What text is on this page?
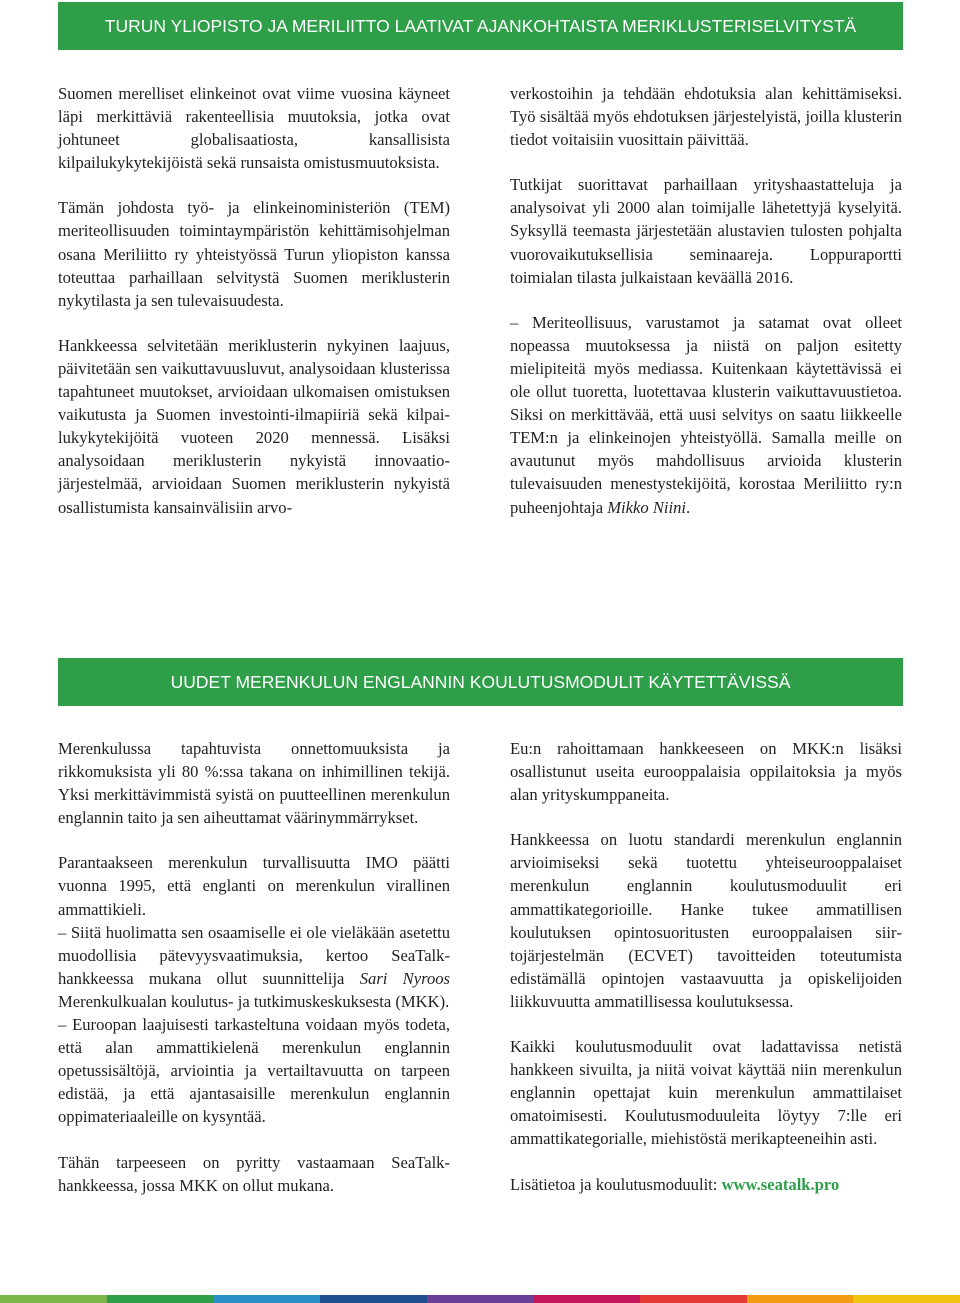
TURUN YLIOPISTO JA MERILIITTO LAATIVAT AJANKOHTAISTA MERIKLUSTERISELVITYSTÄ

Suomen merelliset elinkeinot ovat viime vuosina käyneet läpi merkittäviä rakenteellisia muutoksia, jotka ovat johtuneet globalisaatiosta, kansallisista kilpailukykytekijöistä sekä runsaista omistusmuutoksista.

Tämän johdosta työ- ja elinkeinoministeriön (TEM) meriteollisuuden toimintaympäristön kehittämisohjelman osana Meriliitto ry yhteistyössä Turun yliopiston kanssa toteuttaa parhaillaan selvitystä Suomen meriklusterin nykytilasta ja sen tulevaisuudesta.

Hankkeessa selvitetään meriklusterin nykyinen laajuus, päivitetään sen vaikuttavuusluvut, analysoidaan klusterissa tapahtuneet muutokset, arvioidaan ulkomaisen omistuksen vaikutusta ja Suomen investointi-ilmapiiriä sekä kilpailukykytekijöitä vuoteen 2020 mennessä. Lisäksi analysoidaan meriklusterin nykyistä innovaatiojärjestelmää, arvioidaan Suomen meriklusterin nykyistä osallistumista kansainvälisiin arvo-

verkostoihin ja tehdään ehdotuksia alan kehittämiseksi. Työ sisältää myös ehdotuksen järjestelyistä, joilla klusterin tiedot voitaisiin vuosittain päivittää.

Tutkijat suorittavat parhaillaan yrityshaastatteluja ja analysoivat yli 2000 alan toimijalle lähetettyjä kyselyitä. Syksyllä teemasta järjestetään alustavien tulosten pohjalta vuorovaikutuksellisia seminaareja. Loppuraportti toimialan tilasta julkaistaan keväällä 2016.

– Meriteollisuus, varustamot ja satamat ovat olleet nopeassa muutoksessa ja niistä on paljon esitetty mielipiteitä myös mediassa. Kuitenkaan käytettävissä ei ole ollut tuoretta, luotettavaa klusterin vaikuttavuustietoa. Siksi on merkittävää, että uusi selvitys on saatu liikkeelle TEM:n ja elinkeinojen yhteistyöllä. Samalla meille on avautunut myös mahdollisuus arvioida klusterin tulevaisuuden menestystekijöitä, korostaa Meriliitto ry:n puheenjohtaja Mikko Niini.

UUDET MERENKULUN ENGLANNIN KOULUTUSMODULIT KÄYTETTÄVISSÄ

Merenkulussa tapahtuvista onnettomuuksista ja rikkomuksista yli 80 %:ssa takana on inhimillinen tekijä. Yksi merkittävimmistä syistä on puutteellinen merenkulun englannin taito ja sen aiheuttamat väärinymmärrykset.

Parantaakseen merenkulun turvallisuutta IMO päätti vuonna 1995, että englanti on merenkulun virallinen ammattikieli.

– Siitä huolimatta sen osaamiselle ei ole vieläkään asetettu muodollisia pätevyysvaatimuksia, kertoo SeaTalk-hankkeessa mukana ollut suunnittelija Sari Nyroos Merenkulkualan koulutus- ja tutkimuskeskuksesta (MKK).

– Euroopan laajuisesti tarkasteltuna voidaan myös todeta, että alan ammattikielenä merenkulun englannin opetussisältöjä, arviointia ja vertailtavuutta on tarpeen edistää, ja että ajantasaisille merenkulun englannin oppimateriaaleille on kysyntää.

Tähän tarpeeseen on pyritty vastaamaan SeaTalk-hankkeessa, jossa MKK on ollut mukana.

Eu:n rahoittamaan hankkeeseen on MKK:n lisäksi osallistunut useita eurooppalaisia oppilaitoksia ja myös alan yrityskumppaneita.

Hankkeessa on luotu standardi merenkulun englannin arvioimiseksi sekä tuotettu yhteiseurooppalaiset merenkulun englannin koulutusmoduulit eri ammattikategorioille. Hanke tukee ammatillisen koulutuksen opintosuoritusten eurooppalaisen siirtojärjestelmän (ECVET) tavoitteiden toteutumista edistämällä opintojen vastaavuutta ja opiskelijoiden liikkuvuutta ammatillisessa koulutuksessa.

Kaikki koulutusmoduulit ovat ladattavissa netistä hankkeen sivuilta, ja niitä voivat käyttää niin merenkulun englannin opettajat kuin merenkulun ammattilaiset omatoimisesti. Koulutusmoduuleita löytyy 7:lle eri ammattikategorialle, miehistöstä merikapteeneihin asti.

Lisätietoa ja koulutusmoduulit: www.seatalk.pro
